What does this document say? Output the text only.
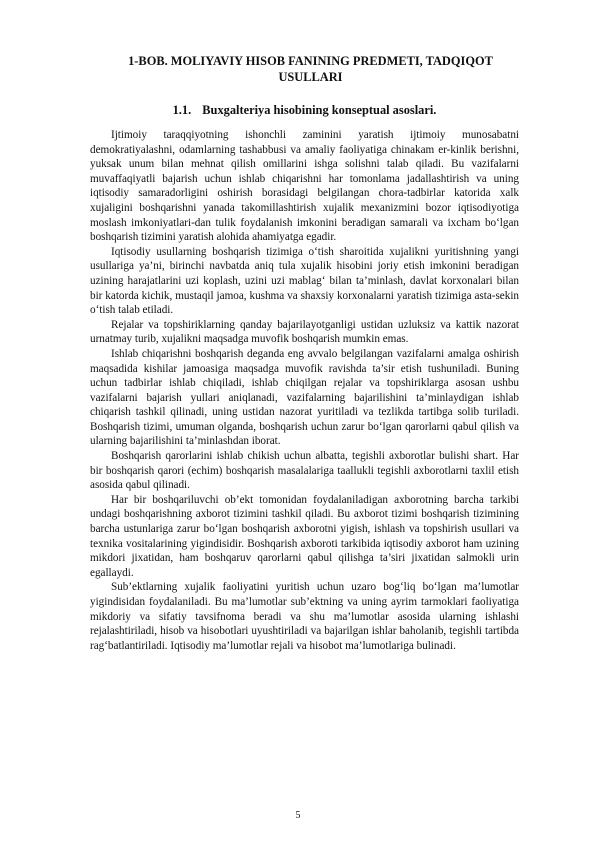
1-BOB. MOLIYAVIY HISOB FANINING PREDMETI, TADQIQOT USULLARI
1.1. Buxgalteriya hisobining konseptual asoslari.

Ijtimoiy taraqqiyotning ishonchli zaminini yaratish ijtimoiy munosabatni demokratiyalashni, odamlarning tashabbusi va amaliy faoliyatiga chinakam er-kinlik berishni, yuksak unum bilan mehnat qilish omillarini ishga solishni talab qiladi. Bu vazifalarni muvaffaqiyatli bajarish uchun ishlab chiqarishni har tomonlama jadallashtirish va uning iqtisodiy samaradorligini oshirish borasidagi belgilangan chora-tadbirlar katorida xalk xujaligini boshqarishni yanada takomillashtirish xujalik mexanizmini bozor iqtisodiyotiga moslash imkoniyatlari-dan tulik foydalanish imkonini beradigan samarali va ixcham bo‘lgan boshqarish tizimini yaratish alohida ahamiyatga egadir.

Iqtisodiy usullarning boshqarish tizimiga o‘tish sharoitida xujalikni yuritishning yangi usullariga ya’ni, birinchi navbatda aniq tula xujalik hisobini joriy etish imkonini beradigan uzining harajatlarini uzi koplash, uzini uzi mablag‘ bilan ta’minlash, davlat korxonalari bilan bir katorda kichik, mustaqil jamoa, kushma va shaxsiy korxonalarni yaratish tizimiga asta-sekin o‘tish talab etiladi.

Rejalar va topshiriklarning qanday bajarilayotganligi ustidan uzluksiz va kattik nazorat urnatmay turib, xujalikni maqsadga muvofik boshqarish mumkin emas.

Ishlab chiqarishni boshqarish deganda eng avvalo belgilangan vazifalarni amalga oshirish maqsadida kishilar jamoasiga maqsadga muvofik ravishda ta’sir etish tushuniladi. Buning uchun tadbirlar ishlab chiqiladi, ishlab chiqilgan rejalar va topshiriklarga asosan ushbu vazifalarni bajarish yullari aniqlanadi, vazifalarning bajarilishini ta’minlaydigan ishlab chiqarish tashkil qilinadi, uning ustidan nazorat yuritiladi va tezlikda tartibga solib turiladi. Boshqarish tizimi, umuman olganda, boshqarish uchun zarur bo‘lgan qarorlarni qabul qilish va ularning bajarilishini ta’minlashdan iborat.

Boshqarish qarorlarini ishlab chikish uchun albatta, tegishli axborotlar bulishi shart. Har bir boshqarish qarori (echim) boshqarish masalalariga taallukli tegishli axborotlarni taxlil etish asosida qabul qilinadi.

Har bir boshqariluvchi ob’ekt tomonidan foydalaniladigan axborotning barcha tarkibi undagi boshqarishning axborot tizimini tashkil qiladi. Bu axborot tizimi boshqarish tizimining barcha ustunlariga zarur bo‘lgan boshqarish axborotni yigish, ishlash va topshirish usullari va texnika vositalarining yigindisidir. Boshqarish axboroti tarkibida iqtisodiy axborot ham uzining mikdori jixatidan, ham boshqaruv qarorlarni qabul qilishga ta’siri jixatidan salmokli urin egallaydi.

Sub’ektlarning xujalik faoliyatini yuritish uchun uzaro bog‘liq bo‘lgan ma’lumotlar yigindisidan foydalaniladi. Bu ma’lumotlar sub’ektning va uning ayrim tarmoklari faoliyatiga mikdoriy va sifatiy tavsifnoma beradi va shu ma’lumotlar asosida ularning ishlashi rejalashtiriladi, hisob va hisobotlari uyushtiriladi va bajarilgan ishlar baholanib, tegishli tartibda rag‘batlantiriladi. Iqtisodiy ma’lumotlar rejali va hisobot ma’lumotlariga bulinadi.

5
